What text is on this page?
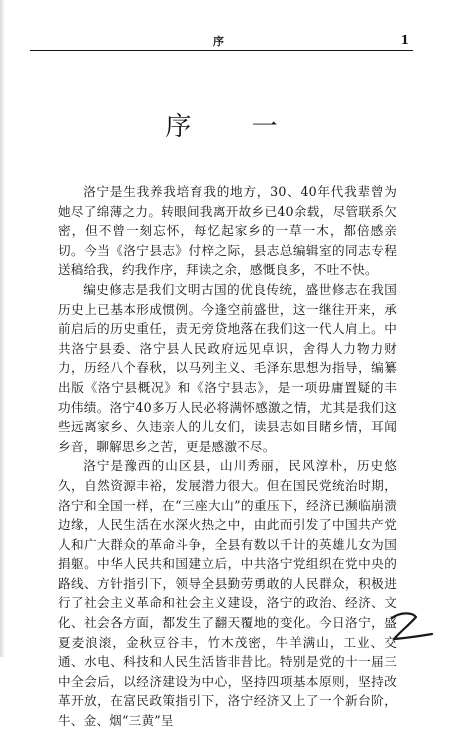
序	1
序 一

洛宁是生我养我培育我的地方，30、40年代我辈曾为她尽了绵薄之力。转眼间我离开故乡已40余载，尽管联系欠密，但不曾一刻忘怀，每忆起家乡的一草一木，都倍感亲切。今当《洛宁县志》付梓之际，县志总编辑室的同志专程送稿给我，约我作序，拜读之余，感慨良多，不吐不快。

编史修志是我们文明古国的优良传统，盛世修志在我国历史上已基本形成惯例。今逢空前盛世，这一继往开来，承前启后的历史重任，责无旁贷地落在我们这一代人肩上。中共洛宁县委、洛宁县人民政府远见卓识，舍得人力物力财力，历经八个春秋，以马列主义、毛泽东思想为指导，编纂出版《洛宁县概况》和《洛宁县志》，是一项毋庸置疑的丰功伟绩。洛宁40多万人民必将满怀感激之情，尤其是我们这些远离家乡、久违亲人的儿女们，读县志如目睹乡情，耳闻乡音，聊解思乡之苦，更是感激不尽。

洛宁是豫西的山区县，山川秀丽，民风淳朴，历史悠久，自然资源丰裕，发展潜力很大。但在国民党统治时期，洛宁和全国一样，在“三座大山”的重压下，经济已濒临崩溃边缘，人民生活在水深火热之中，由此而引发了中国共产党人和广大群众的革命斗争，全县有数以千计的英雄儿女为国捐躯。中华人民共和国建立后，中共洛宁党组织在党中央的路线、方针指引下，领导全县勤劳勇敢的人民群众，积极进行了社会主义革命和社会主义建设，洛宁的政治、经济、文化、社会各方面，都发生了翻天覆地的变化。今日洛宁，盛夏麦浪滚，金秋豆谷丰，竹木茂密，牛羊满山，工业、交通、水电、科技和人民生活皆非昔比。特别是党的十一届三中全会后，以经济建设为中心，坚持四项基本原则，坚持改革开放，在富民政策指引下，洛宁经济又上了一个新台阶，牛、金、烟“三黄”呈
